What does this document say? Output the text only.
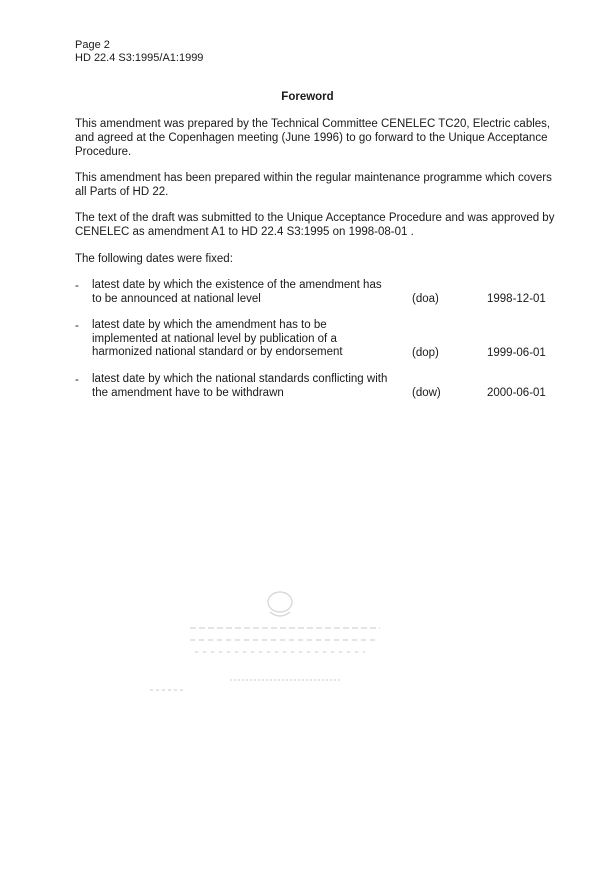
Page 2
HD 22.4 S3:1995/A1:1999
Foreword
This amendment was prepared by the Technical Committee CENELEC TC20, Electric cables, and agreed at the Copenhagen meeting (June 1996) to go forward to the Unique Acceptance Procedure.
This amendment has been prepared within the regular maintenance programme which covers all Parts of HD 22.
The text of the draft was submitted to the Unique Acceptance Procedure and was approved by CENELEC as amendment A1 to HD 22.4 S3:1995 on 1998-08-01 .
The following dates were fixed:
- latest date by which the existence of the amendment has to be announced at national level	(doa)	1998-12-01
- latest date by which the amendment has to be implemented at national level by publication of a harmonized national standard or by endorsement	(dop)	1999-06-01
- latest date by which the national standards conflicting with the amendment have to be withdrawn	(dow)	2000-06-01
